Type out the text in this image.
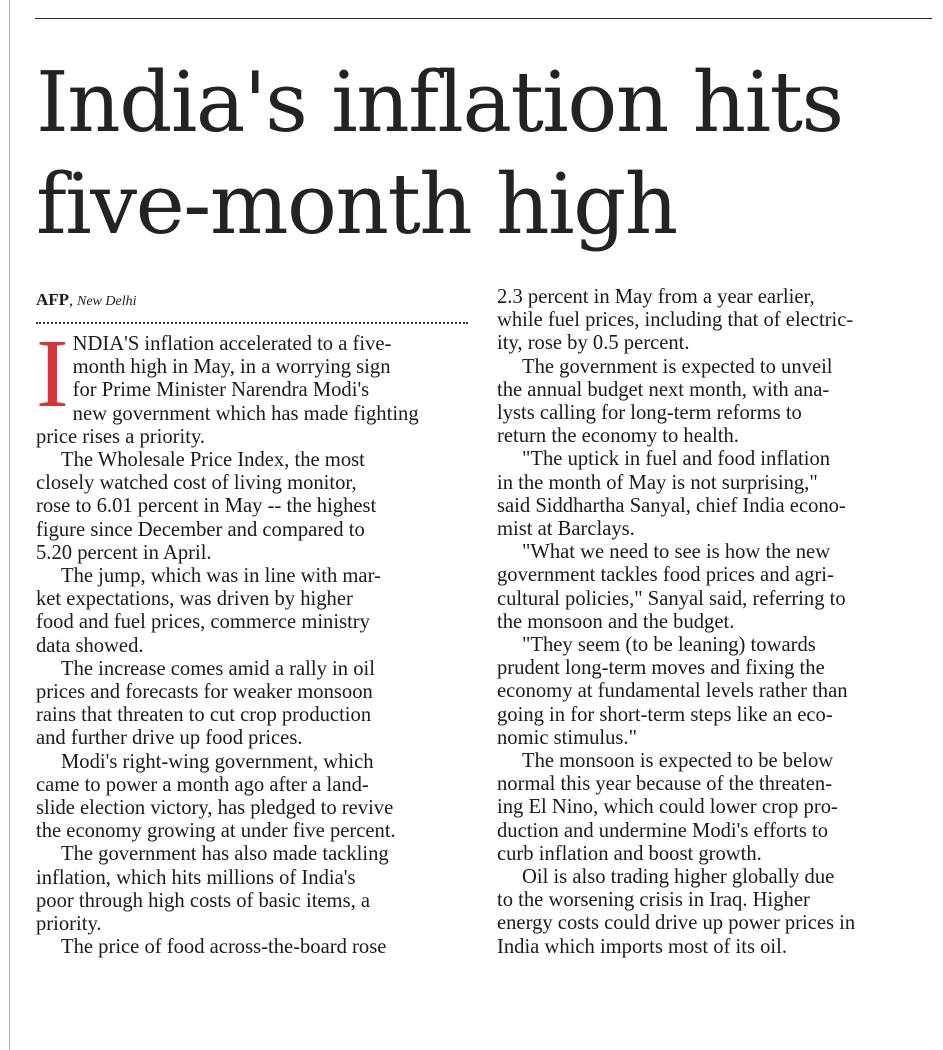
India's inflation hits
five-month high
AFP, New Delhi

I NDIA'S inflation accelerated to a five-
month high in May, in a worrying sign
for Prime Minister Narendra Modi's
new government which has made fighting
price rises a priority.

The Wholesale Price Index, the most
closely watched cost of living monitor,
rose to 6.01 percent in May -- the highest
figure since December and compared to
5.20 percent in April.

The jump, which was in line with mar-
ket expectations, was driven by higher
food and fuel prices, commerce ministry
data showed.

The increase comes amid a rally in oil
prices and forecasts for weaker monsoon
rains that threaten to cut crop production
and further drive up food prices.

Modi's right-wing government, which
came to power a month ago after a land-
slide election victory, has pledged to revive
the economy growing at under five percent.

The government has also made tackling
inflation, which hits millions of India's
poor through high costs of basic items, a
priority.

The price of food across-the-board rose

2.3 percent in May from a year earlier,
while fuel prices, including that of electric-
ity, rose by 0.5 percent.

The government is expected to unveil
the annual budget next month, with ana-
lysts calling for long-term reforms to
return the economy to health.

"The uptick in fuel and food inflation
in the month of May is not surprising,"
said Siddhartha Sanyal, chief India econo-
mist at Barclays.

"What we need to see is how the new
government tackles food prices and agri-
cultural policies," Sanyal said, referring to
the monsoon and the budget.

"They seem (to be leaning) towards
prudent long-term moves and fixing the
economy at fundamental levels rather than
going in for short-term steps like an eco-
nomic stimulus."

The monsoon is expected to be below
normal this year because of the threaten-
ing El Nino, which could lower crop pro-
duction and undermine Modi's efforts to
curb inflation and boost growth.

Oil is also trading higher globally due
to the worsening crisis in Iraq. Higher
energy costs could drive up power prices in
India which imports most of its oil.
